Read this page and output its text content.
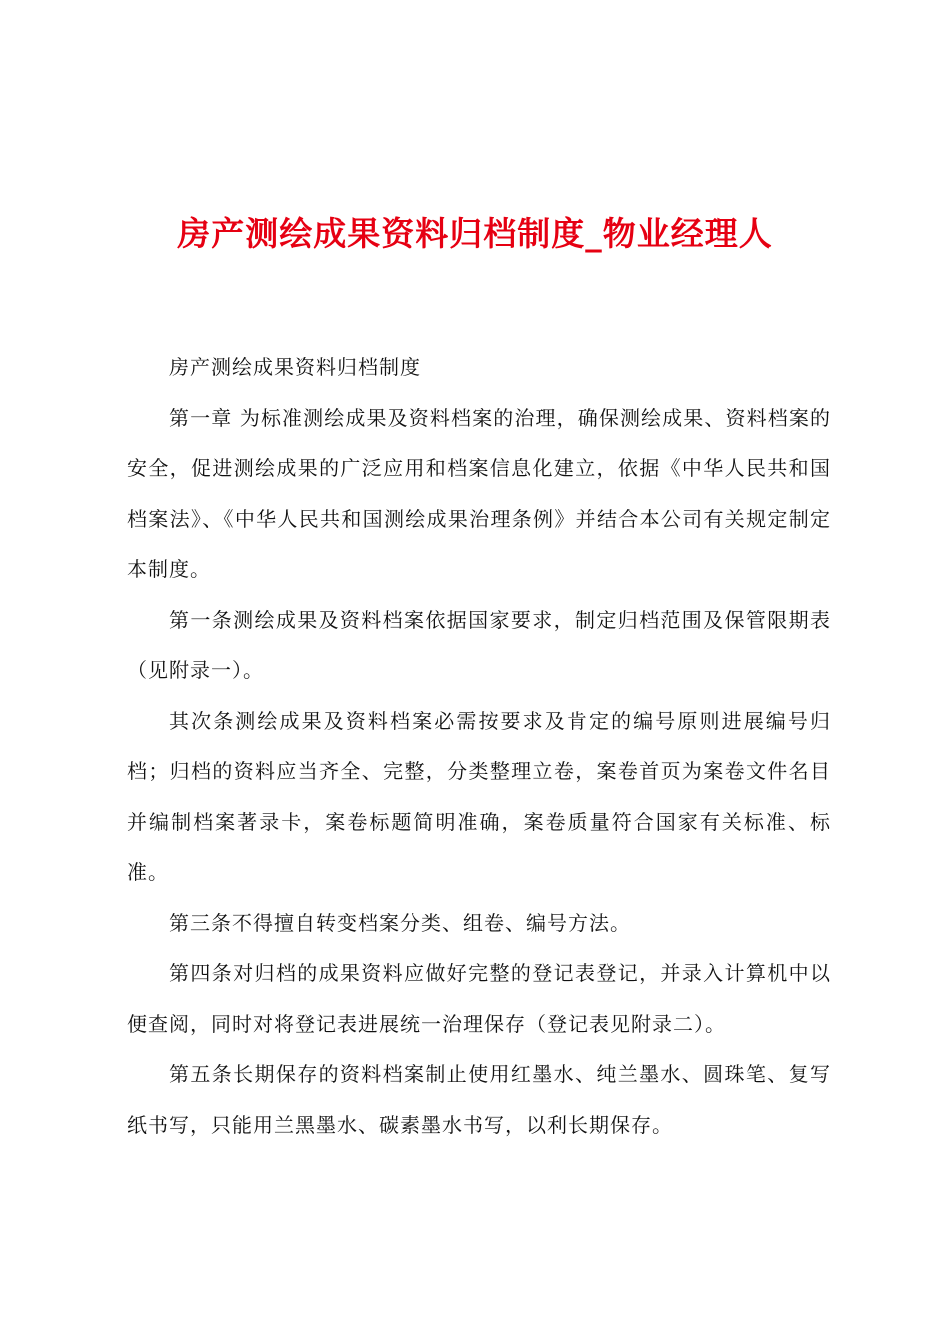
房产测绘成果资料归档制度_物业经理人

房产测绘成果资料归档制度

第一章 为标准测绘成果及资料档案的治理，确保测绘成果、资料档案的安全，促进测绘成果的广泛应用和档案信息化建立，依据《中华人民共和国档案法》、《中华人民共和国测绘成果治理条例》并结合本公司有关规定制定本制度。

第一条测绘成果及资料档案依据国家要求，制定归档范围及保管限期表（见附录一）。

其次条测绘成果及资料档案必需按要求及肯定的编号原则进展编号归档；归档的资料应当齐全、完整，分类整理立卷，案卷首页为案卷文件名目并编制档案著录卡，案卷标题简明准确，案卷质量符合国家有关标准、标准。

第三条不得擅自转变档案分类、组卷、编号方法。

第四条对归档的成果资料应做好完整的登记表登记，并录入计算机中以便查阅，同时对将登记表进展统一治理保存（登记表见附录二）。

第五条长期保存的资料档案制止使用红墨水、纯兰墨水、圆珠笔、复写纸书写，只能用兰黑墨水、碳素墨水书写，以利长期保存。
